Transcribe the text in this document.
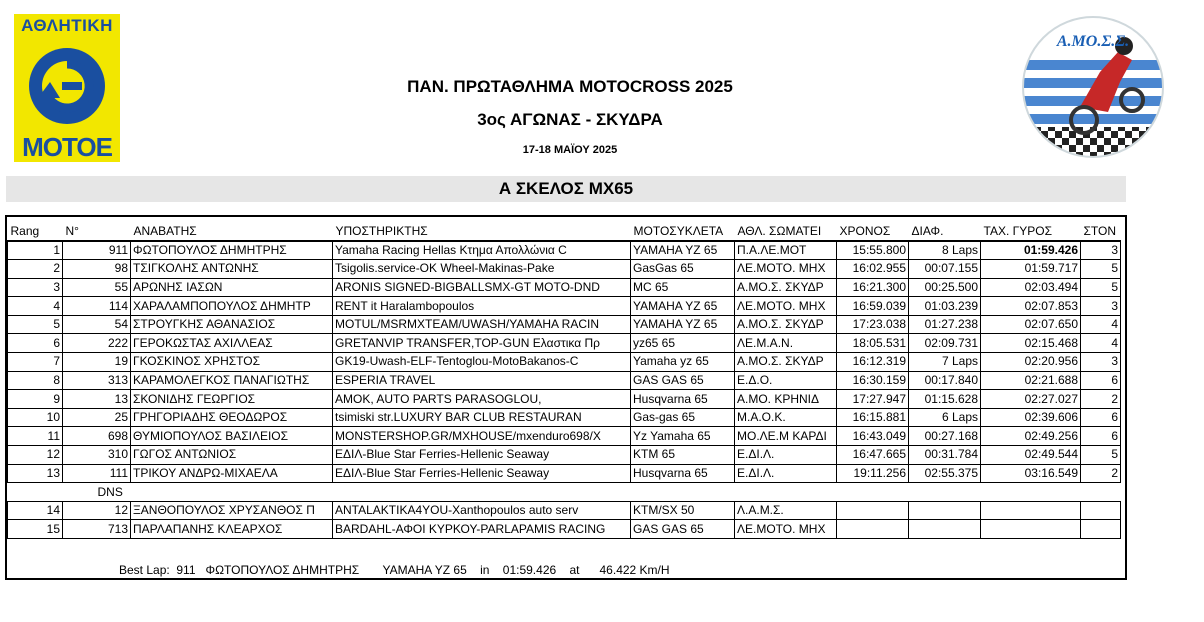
ΑΘΛΗΤΙΚΗ
ΜΟΤΟΕ
Α.ΜΟ.Σ.Σ.
ΠΑΝ. ΠΡΩΤΑΘΛΗΜΑ MOTOCROSS 2025
3ος ΑΓΩΝΑΣ - ΣΚΥΔΡΑ
17-18 ΜΑΪΟΥ 2025
Α ΣΚΕΛΟΣ MX65
Rang	N°	ΑΝΑΒΑΤΗΣ	ΥΠΟΣΤΗΡΙΚΤΗΣ	ΜΟΤΟΣΥΚΛΕΤΑ	ΑΘΛ. ΣΩΜΑΤΕΙ	ΧΡΟΝΟΣ	ΔΙΑΦ.	ΤΑΧ. ΓΥΡΟΣ	ΣΤΟΝ
1	911	ΦΩΤΟΠΟΥΛΟΣ ΔΗΜΗΤΡΗΣ	Yamaha Racing Hellas Κτημα Απολλώνια C	YAMAHA YZ 65	Π.Α.ΛΕ.ΜΟΤ	15:55.800	8 Laps	01:59.426	3
2	98	ΤΣΙΓΚΟΛΗΣ ΑΝΤΩΝΗΣ	Tsigolis.service-OK Wheel-Makinas-Pake	GasGas 65	ΛΕ.ΜΟΤΟ. ΜΗΧ	16:02.955	00:07.155	01:59.717	5
3	55	ΑΡΩΝΗΣ ΙΑΣΩΝ	ARONIS SIGNED-BIGBALLSMX-GT MOTO-DND	MC 65	Α.ΜΟ.Σ. ΣΚΥΔΡ	16:21.300	00:25.500	02:03.494	5
4	114	ΧΑΡΑΛΑΜΠΟΠΟΥΛΟΣ ΔΗΜΗΤΡ	RENT it Haralambopoulos	YAMAHA YZ 65	ΛΕ.ΜΟΤΟ. ΜΗΧ	16:59.039	01:03.239	02:07.853	3
5	54	ΣΤΡΟΥΓΚΗΣ ΑΘΑΝΑΣΙΟΣ	MOTUL/MSRMXTEAM/UWASH/YAMAHA RACIN	YAMAHA YZ 65	Α.ΜΟ.Σ. ΣΚΥΔΡ	17:23.038	01:27.238	02:07.650	4
6	222	ΓΕΡΟΚΩΣΤΑΣ ΑΧΙΛΛΕΑΣ	GRETANVIP TRANSFER,TOP-GUN Ελαστικα Πρ	yz65 65	ΛΕ.Μ.Α.Ν.	18:05.531	02:09.731	02:15.468	4
7	19	ΓΚΟΣΚΙΝΟΣ ΧΡΗΣΤΟΣ	GK19-Uwash-ELF-Tentoglou-MotoBakanos-C	Yamaha yz 65	Α.ΜΟ.Σ. ΣΚΥΔΡ	16:12.319	7 Laps	02:20.956	3
8	313	ΚΑΡΑΜΟΛΕΓΚΟΣ ΠΑΝΑΓΙΩΤΗΣ	ESPERIA TRAVEL	GAS GAS 65	Ε.Δ.Ο.	16:30.159	00:17.840	02:21.688	6
9	13	ΣΚΟΝΙΔΗΣ ΓΕΩΡΓΙΟΣ	AMOK, AUTO PARTS PARASOGLOU,	Husqvarna 65	Α.ΜΟ. ΚΡΗΝΙΔ	17:27.947	01:15.628	02:27.027	2
10	25	ΓΡΗΓΟΡΙΑΔΗΣ ΘΕΟΔΩΡΟΣ	tsimiski str.LUXURY BAR CLUB RESTAURAN	Gas-gas 65	Μ.Α.Ο.Κ.	16:15.881	6 Laps	02:39.606	6
11	698	ΘΥΜΙΟΠΟΥΛΟΣ ΒΑΣΙΛΕΙΟΣ	MONSTERSHOP.GR/MXHOUSE/mxenduro698/X	Yz Yamaha 65	ΜΟ.ΛΕ.Μ ΚΑΡΔΙ	16:43.049	00:27.168	02:49.256	6
12	310	ΓΩΓΟΣ ΑΝΤΩΝΙΟΣ	ΕΔΙΛ-Blue Star Ferries-Hellenic Seaway	KTM 65	Ε.ΔΙ.Λ.	16:47.665	00:31.784	02:49.544	5
13	111	ΤΡΙΚΟΥ ΑΝΔΡΩ-ΜΙΧΑΕΛΑ	ΕΔΙΛ-Blue Star Ferries-Hellenic Seaway	Husqvarna 65	Ε.ΔΙ.Λ.	19:11.256	02:55.375	03:16.549	2
	DNS								
14	12	ΞΑΝΘΟΠΟΥΛΟΣ ΧΡΥΣΑΝΘΟΣ Π	ANTALAKTIKA4YOU-Xanthopoulos auto serv	KTM/SX 50	Λ.Α.Μ.Σ.				
15	713	ΠΑΡΛΑΠΑΝΗΣ ΚΛΕΑΡΧΟΣ	BARDAHL-ΑΦΟΙ ΚΥΡΚΟΥ-PARLAPAMIS RACING	GAS GAS 65	ΛΕ.ΜΟΤΟ. ΜΗΧ				
Best Lap:  911   ΦΩΤΟΠΟΥΛΟΣ ΔΗΜΗΤΡΗΣ       YAMAHA YZ 65    in    01:59.426    at      46.422 Km/H
